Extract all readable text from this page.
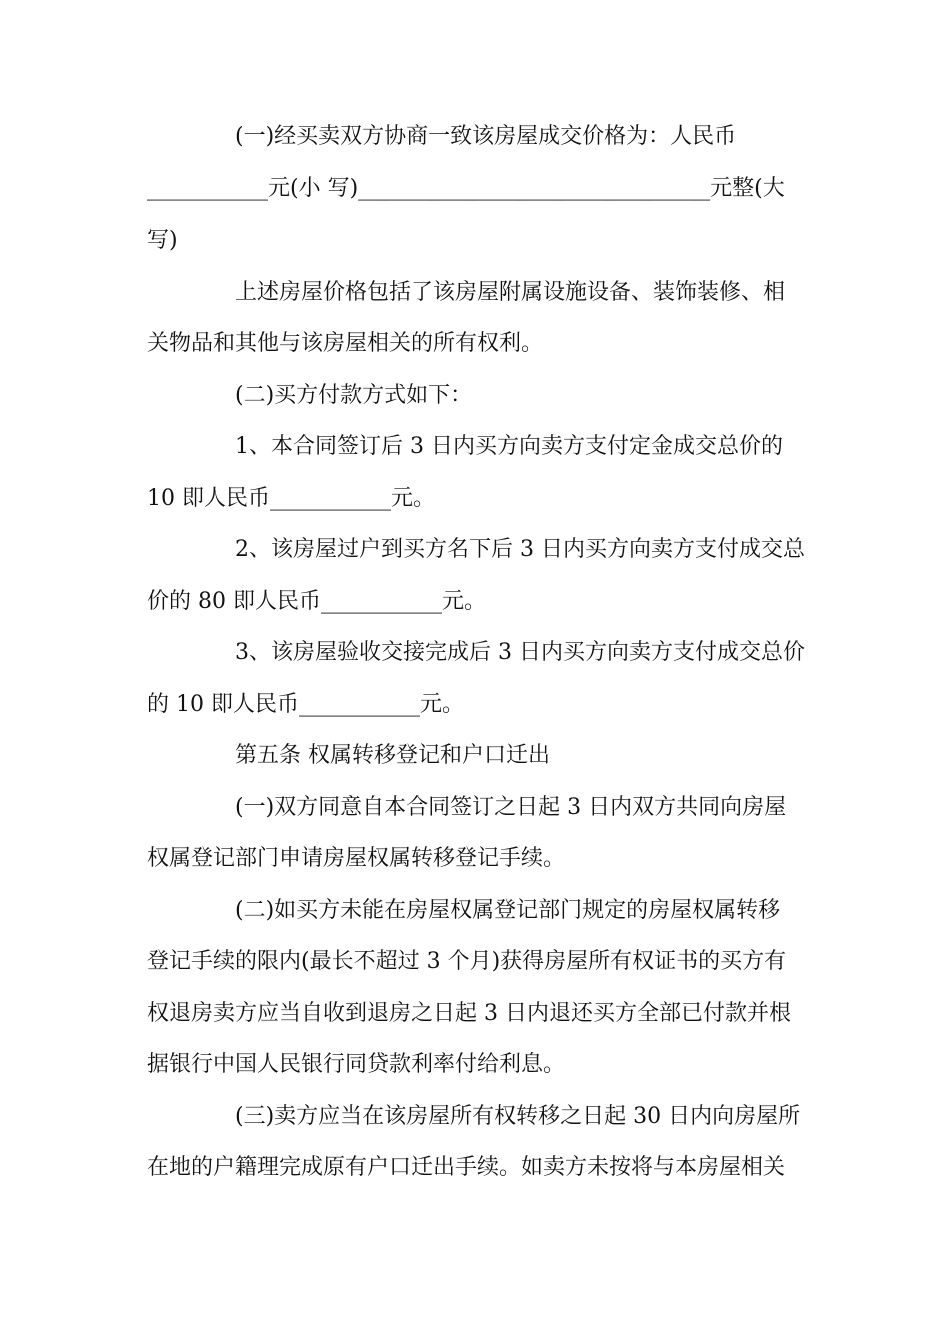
(一)经买卖双方协商一致该房屋成交价格为：人民币
___________元(小 写)________________________________元整(大
写)
上述房屋价格包括了该房屋附属设施设备、装饰装修、相
关物品和其他与该房屋相关的所有权利。
(二)买方付款方式如下：
1、本合同签订后 3 日内买方向卖方支付定金成交总价的
10 即人民币___________元。
2、该房屋过户到买方名下后 3 日内买方向卖方支付成交总
价的 80 即人民币___________元。
3、该房屋验收交接完成后 3 日内买方向卖方支付成交总价
的 10 即人民币___________元。
第五条 权属转移登记和户口迁出
(一)双方同意自本合同签订之日起 3 日内双方共同向房屋
权属登记部门申请房屋权属转移登记手续。
(二)如买方未能在房屋权属登记部门规定的房屋权属转移
登记手续的限内(最长不超过 3 个月)获得房屋所有权证书的买方有
权退房卖方应当自收到退房之日起 3 日内退还买方全部已付款并根
据银行中国人民银行同贷款利率付给利息。
(三)卖方应当在该房屋所有权转移之日起 30 日内向房屋所
在地的户籍理完成原有户口迁出手续。如卖方未按将与本房屋相关
